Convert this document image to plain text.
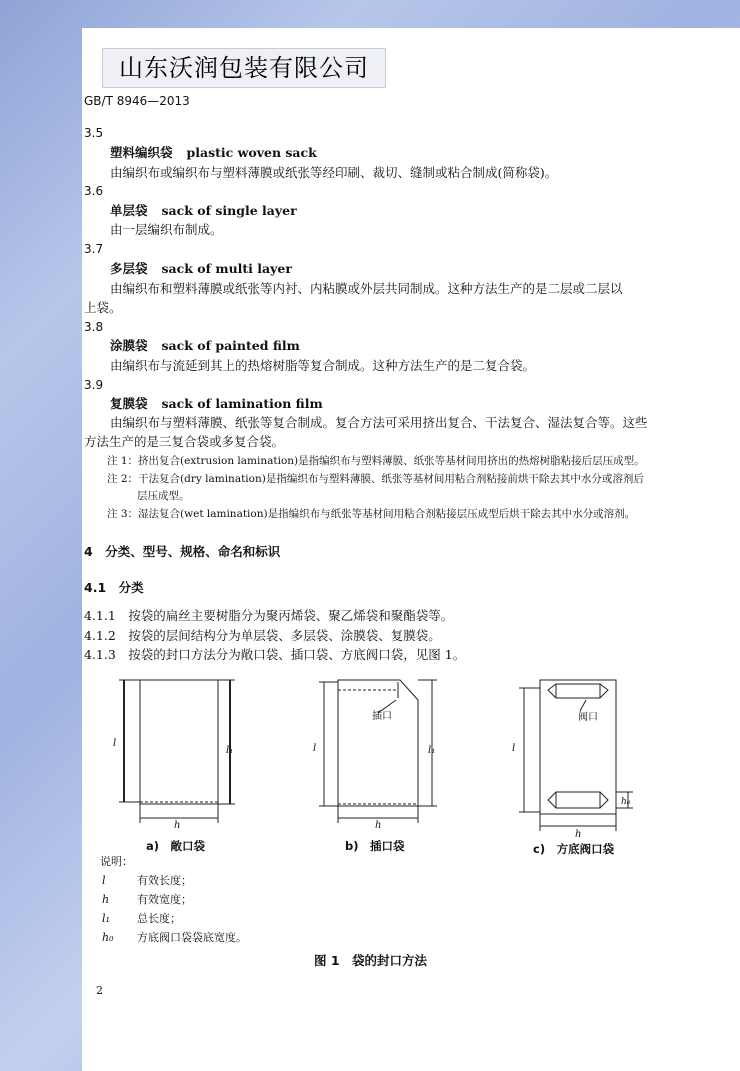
山东沃润包装有限公司
GB/T 8946—2013
3.5
塑料编织袋 plastic woven sack
由编织布或编织布与塑料薄膜或纸张等经印刷、裁切、缝制或粘合制成(简称袋)。
3.6
单层袋 sack of single layer
由一层编织布制成。
3.7
多层袋 sack of multi layer
由编织布和塑料薄膜或纸张等内衬、内粘膜或外层共同制成。这种方法生产的是二层或二层以
上袋。
3.8
涂膜袋 sack of painted film
由编织布与流延到其上的热熔树脂等复合制成。这种方法生产的是二复合袋。
3.9
复膜袋 sack of lamination film
由编织布与塑料薄膜、纸张等复合制成。复合方法可采用挤出复合、干法复合、湿法复合等。这些
方法生产的是三复合袋或多复合袋。
注 1：挤出复合(extrusion lamination)是指编织布与塑料薄膜、纸张等基材间用挤出的热熔树脂粘接后层压成型。
注 2：干法复合(dry lamination)是指编织布与塑料薄膜、纸张等基材间用粘合剂粘接前烘干除去其中水分或溶剂后
层压成型。
注 3：湿法复合(wet lamination)是指编织布与纸张等基材间用粘合剂粘接层压成型后烘干除去其中水分或溶剂。
4　分类、型号、规格、命名和标识
4.1　分类
4.1.1　按袋的扁丝主要树脂分为聚丙烯袋、聚乙烯袋和聚酯袋等。
4.1.2　按袋的层间结构分为单层袋、多层袋、涂膜袋、复膜袋。
4.1.3　按袋的封口方法分为敞口袋、插口袋、方底阀口袋，见图 1。
l
l₁
h
插口
l	l₁
h
阀口
l
h₀
h
a)　敞口袋	b)　插口袋	c)　方底阀口袋
说明：
l	有效长度；
h	有效宽度；
l₁ 总长度；
h₀ 方底阀口袋袋底宽度。
图 1　袋的封口方法
2
